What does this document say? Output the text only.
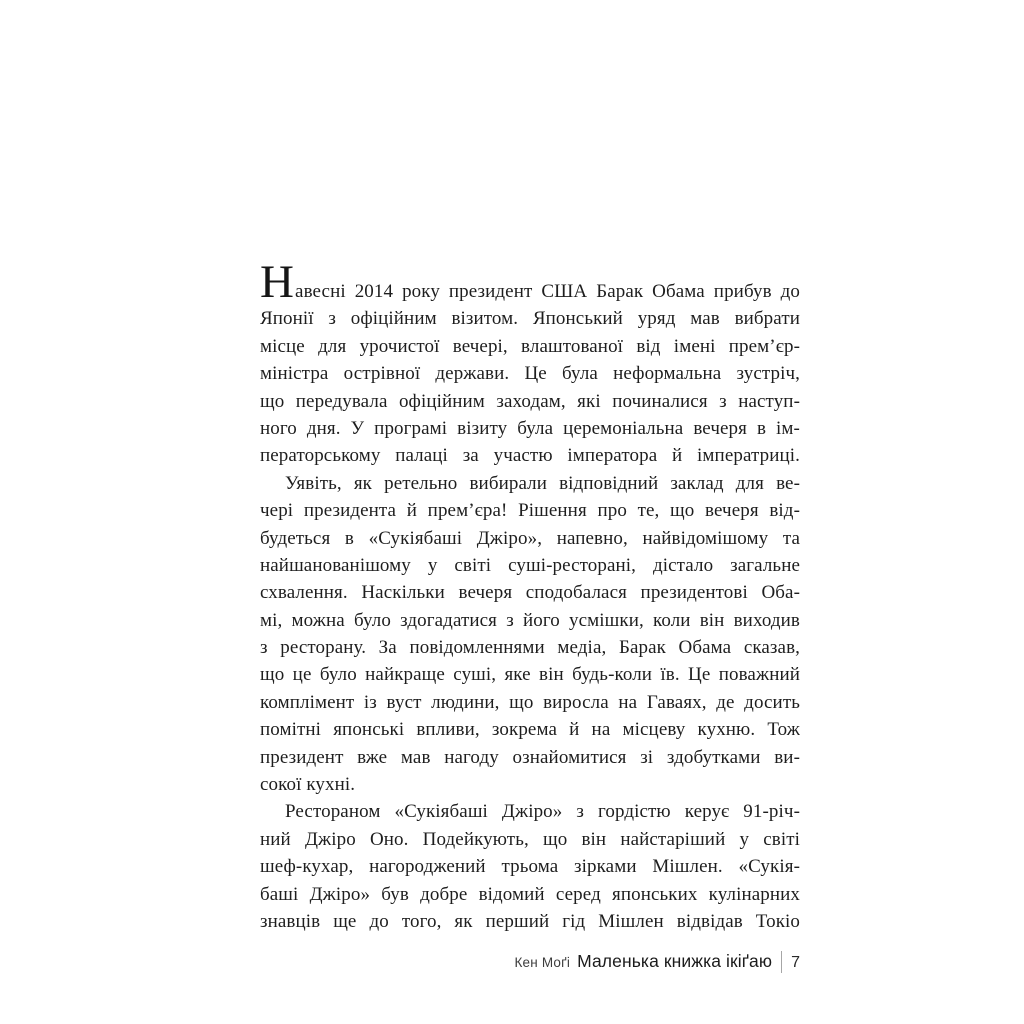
Навесні 2014 року президент США Барак Обама прибув до
Японії з офіційним візитом. Японський уряд мав вибрати
місце для урочистої вечері, влаштованої від імені прем’єр-
міністра острівної держави. Це була неформальна зустріч,
що передувала офіційним заходам, які починалися з наступ-
ного дня. У програмі візиту була церемоніальна вечеря в ім-
ператорському палаці за участю імператора й імператриці.
Уявіть, як ретельно вибирали відповідний заклад для ве-
чері президента й прем’єра! Рішення про те, що вечеря від-
будеться в «Сукіябаші Джіро», напевно, найвідомішому та
найшанованішому у світі суші-ресторані, дістало загальне
схвалення. Наскільки вечеря сподобалася президентові Оба-
мі, можна було здогадатися з його усмішки, коли він виходив
з ресторану. За повідомленнями медіа, Барак Обама сказав,
що це було найкраще суші, яке він будь-коли їв. Це поважний
комплімент із вуст людини, що виросла на Гаваях, де досить
помітні японські впливи, зокрема й на місцеву кухню. Тож
президент вже мав нагоду ознайомитися зі здобутками ви-
сокої кухні.
Рестораном «Сукіябаші Джіро» з гордістю керує 91-річ-
ний Джіро Оно. Подейкують, що він найстаріший у світі
шеф-кухар, нагороджений трьома зірками Мішлен. «Сукія-
баші Джіро» був добре відомий серед японських кулінарних
знавців ще до того, як перший гід Мішлен відвідав Токіо
Кен Моґі Маленька книжка ікіґаю 7
